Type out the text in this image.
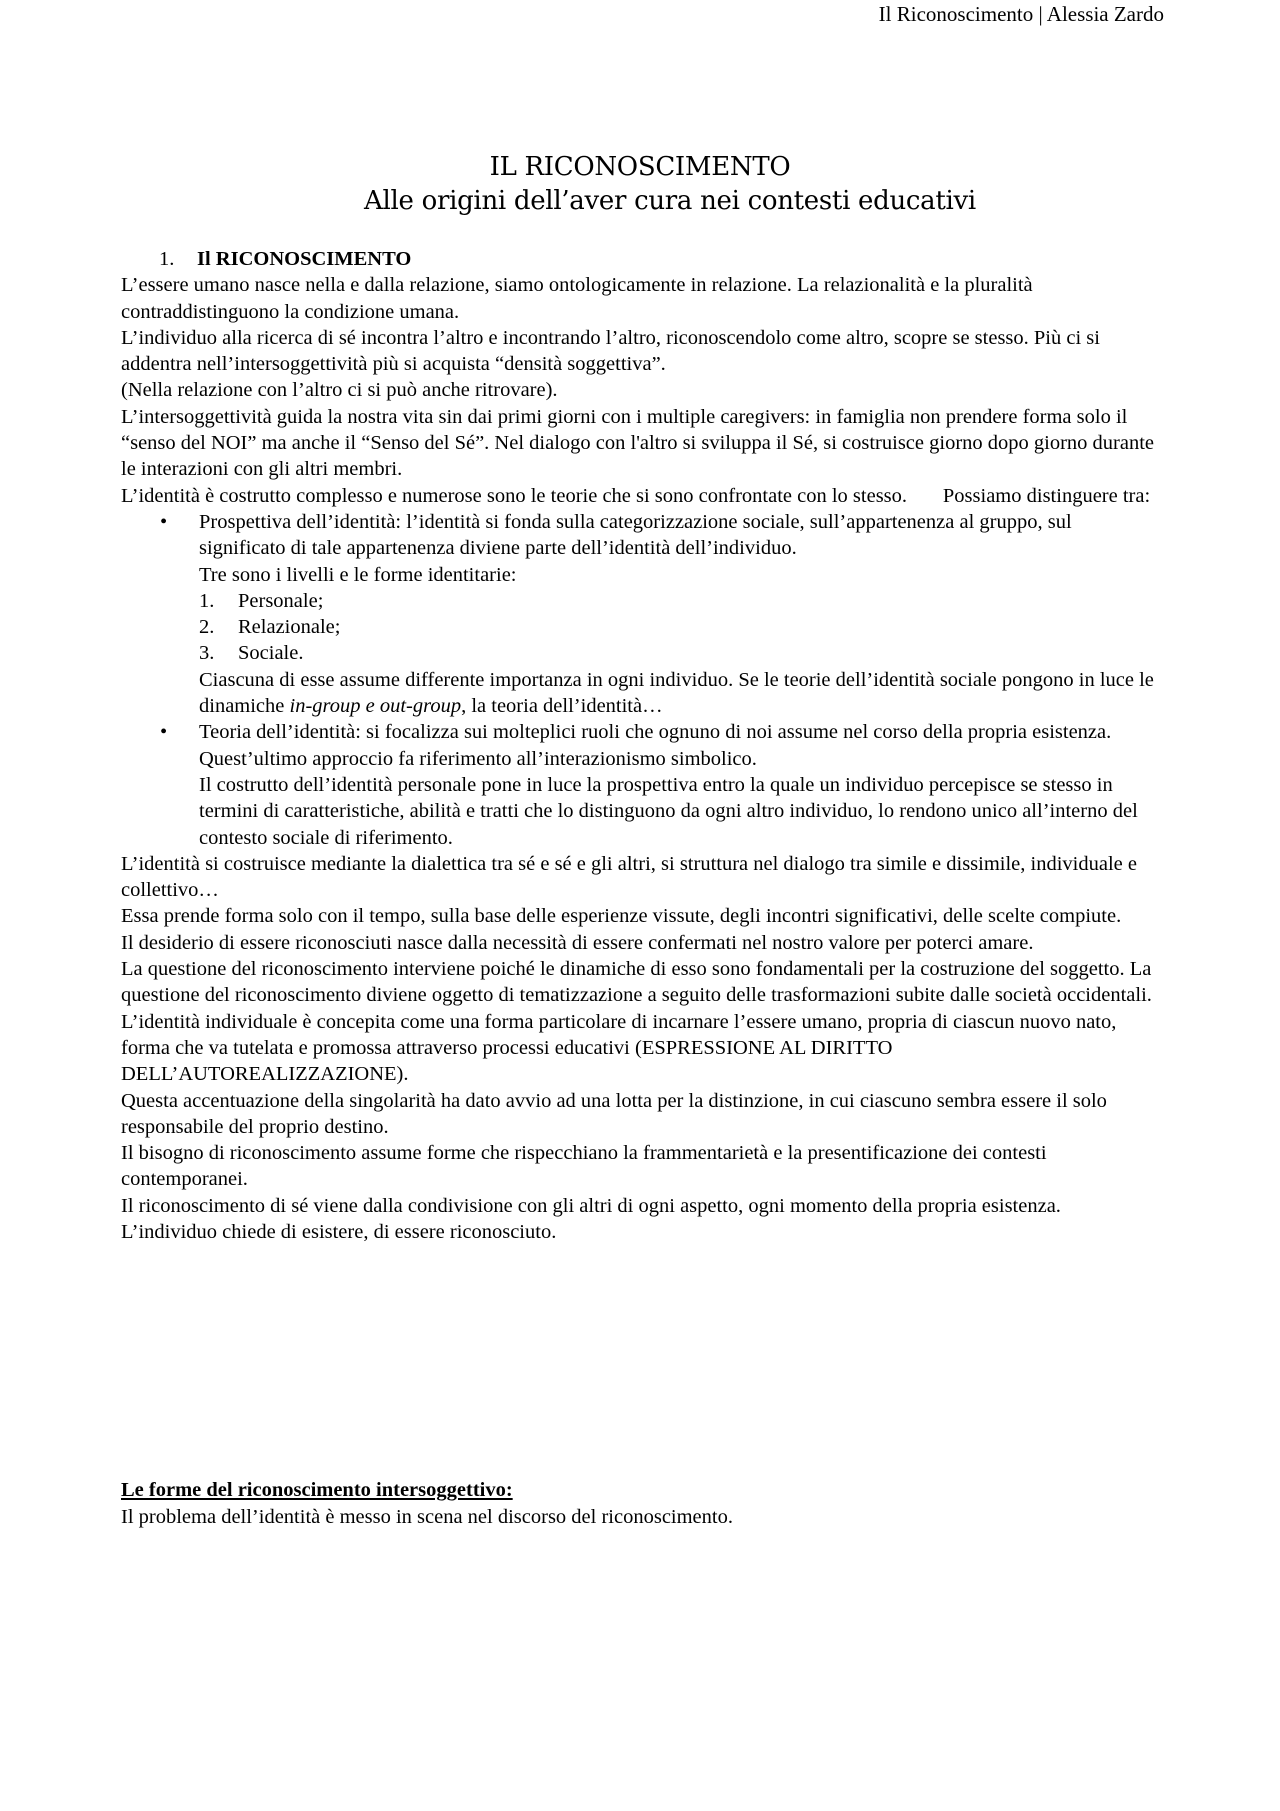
Il Riconoscimento | Alessia Zardo
IL RICONOSCIMENTO
Alle origini dell’aver cura nei contesti educativi
1. Il RICONOSCIMENTO

L’essere umano nasce nella e dalla relazione, siamo ontologicamente in relazione. La relazionalità e la pluralità contraddistinguono la condizione umana.

L’individuo alla ricerca di sé incontra l’altro e incontrando l’altro, riconoscendolo come altro, scopre se stesso. Più ci si addentra nell’intersoggettività più si acquista “densità soggettiva”.

(Nella relazione con l’altro ci si può anche ritrovare).

L’intersoggettività guida la nostra vita sin dai primi giorni con i multiple caregivers: in famiglia non prendere forma solo il “senso del NOI” ma anche il “Senso del Sé”. Nel dialogo con l'altro si sviluppa il Sé, si costruisce giorno dopo giorno durante le interazioni con gli altri membri.

L’identità è costrutto complesso e numerose sono le teorie che si sono confrontate con lo stesso.       Possiamo distinguere tra:

• Prospettiva dell’identità: l’identità si fonda sulla categorizzazione sociale, sull’appartenenza al gruppo, sul significato di tale appartenenza diviene parte dell’identità dell’individuo.

Tre sono i livelli e le forme identitarie:

1. Personale;
2. Relazionale;
3. Sociale.

Ciascuna di esse assume differente importanza in ogni individuo. Se le teorie dell’identità sociale pongono in luce le dinamiche in-group e out-group, la teoria dell’identità…

• Teoria dell’identità: si focalizza sui molteplici ruoli che ognuno di noi assume nel corso della propria esistenza. Quest’ultimo approccio fa riferimento all’interazionismo simbolico.

Il costrutto dell’identità personale pone in luce la prospettiva entro la quale un individuo percepisce se stesso in termini di caratteristiche, abilità e tratti che lo distinguono da ogni altro individuo, lo rendono unico all’interno del contesto sociale di riferimento.

L’identità si costruisce mediante la dialettica tra sé e sé e gli altri, si struttura nel dialogo tra simile e dissimile, individuale e collettivo…

Essa prende forma solo con il tempo, sulla base delle esperienze vissute, degli incontri significativi, delle scelte compiute.

Il desiderio di essere riconosciuti nasce dalla necessità di essere confermati nel nostro valore per poterci amare.

La questione del riconoscimento interviene poiché le dinamiche di esso sono fondamentali per la costruzione del soggetto. La questione del riconoscimento diviene oggetto di tematizzazione a seguito delle trasformazioni subite dalle società occidentali.

L’identità individuale è concepita come una forma particolare di incarnare l’essere umano, propria di ciascun nuovo nato, forma che va tutelata e promossa attraverso processi educativi (ESPRESSIONE AL DIRITTO DELL’AUTOREALIZZAZIONE).

Questa accentuazione della singolarità ha dato avvio ad una lotta per la distinzione, in cui ciascuno sembra essere il solo responsabile del proprio destino.

Il bisogno di riconoscimento assume forme che rispecchiano la frammentarietà e la presentificazione dei contesti contemporanei.

Il riconoscimento di sé viene dalla condivisione con gli altri di ogni aspetto, ogni momento della propria esistenza. L’individuo chiede di esistere, di essere riconosciuto.

Le forme del riconoscimento intersoggettivo:

Il problema dell’identità è messo in scena nel discorso del riconoscimento.
